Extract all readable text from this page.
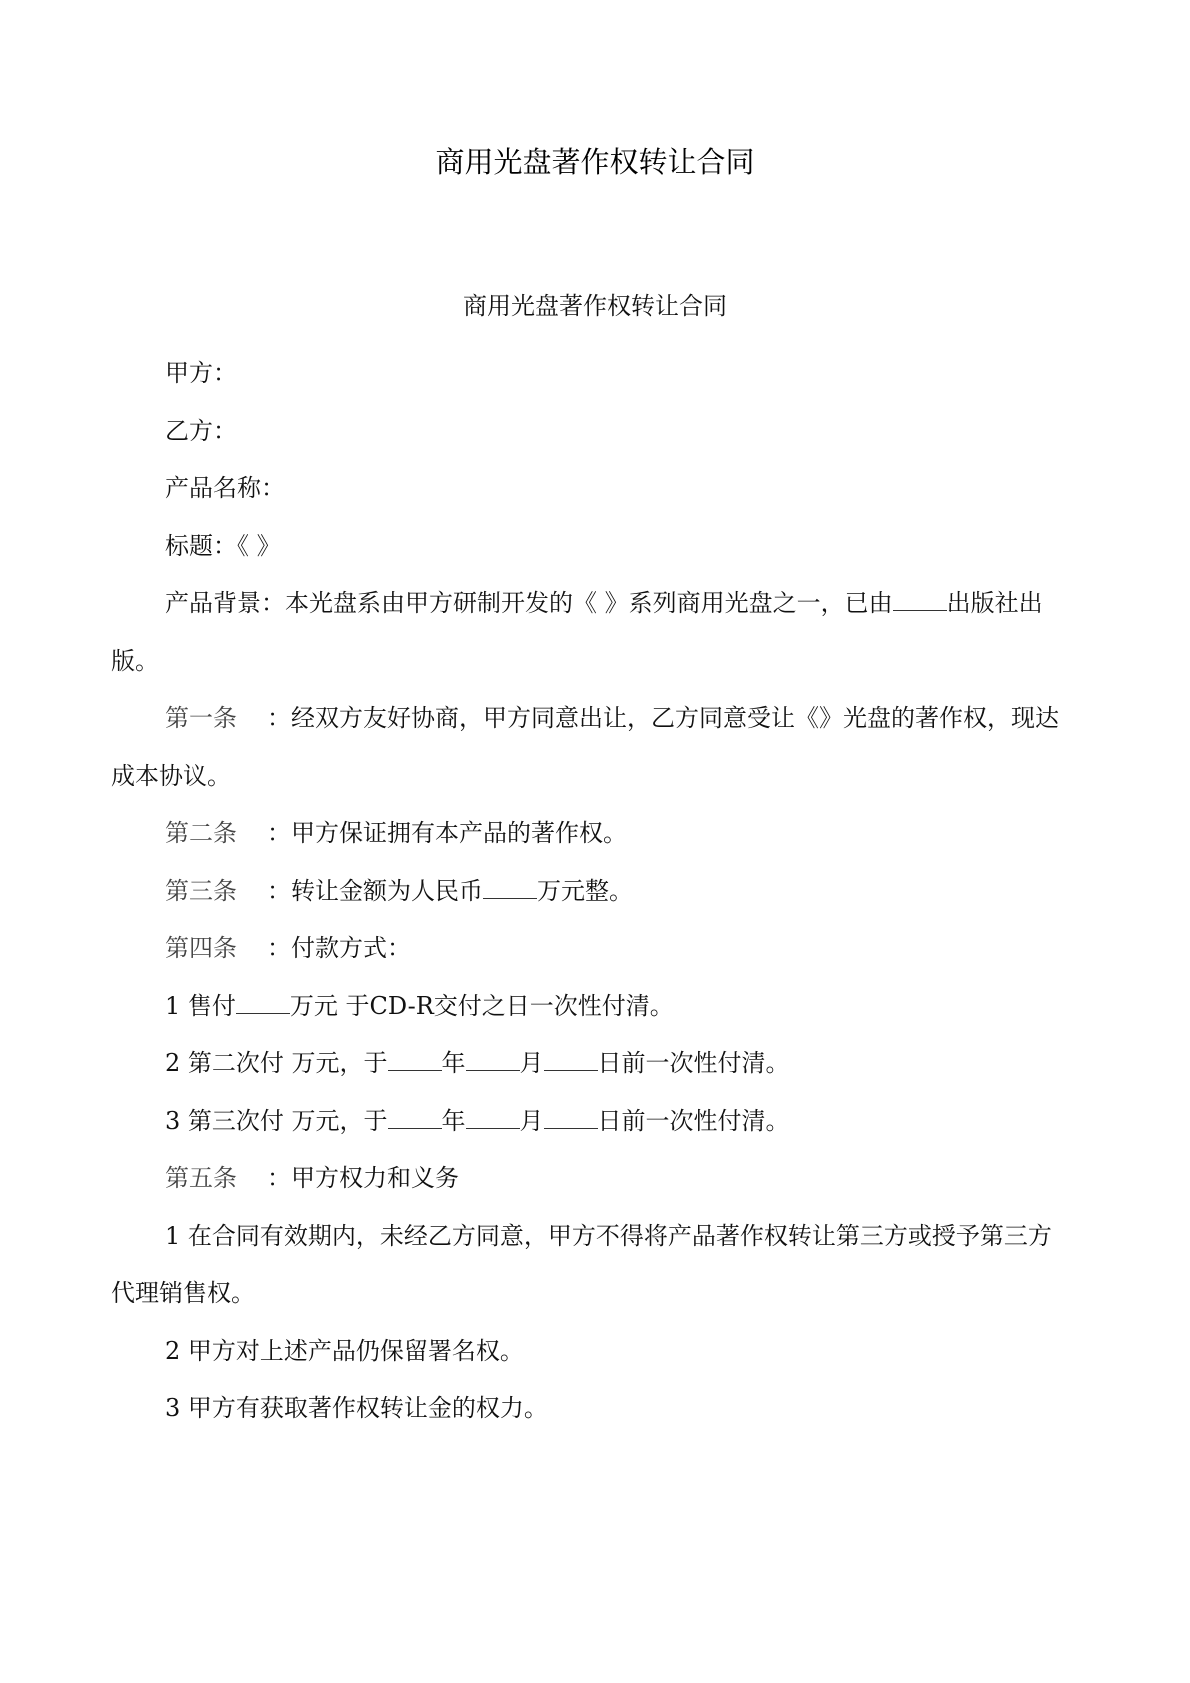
商用光盘著作权转让合同
商用光盘著作权转让合同

甲方：

乙方：

产品名称：

标题：《 》

产品背景：本光盘系由甲方研制开发的《 》系列商用光盘之一，已由 出版社出版。

第一条 ：经双方友好协商，甲方同意出让，乙方同意受让《》光盘的著作权，现达成本协议。

第二条 ：甲方保证拥有本产品的著作权。

第三条 ：转让金额为人民币 万元整。

第四条 ：付款方式：

1 售付 万元 于CD-R交付之日一次性付清。

2 第二次付 万元，于 年 月 日前一次性付清。

3 第三次付 万元，于 年 月 日前一次性付清。

第五条 ：甲方权力和义务

1 在合同有效期内，未经乙方同意，甲方不得将产品著作权转让第三方或授予第三方代理销售权。

2 甲方对上述产品仍保留署名权。

3 甲方有获取著作权转让金的权力。
